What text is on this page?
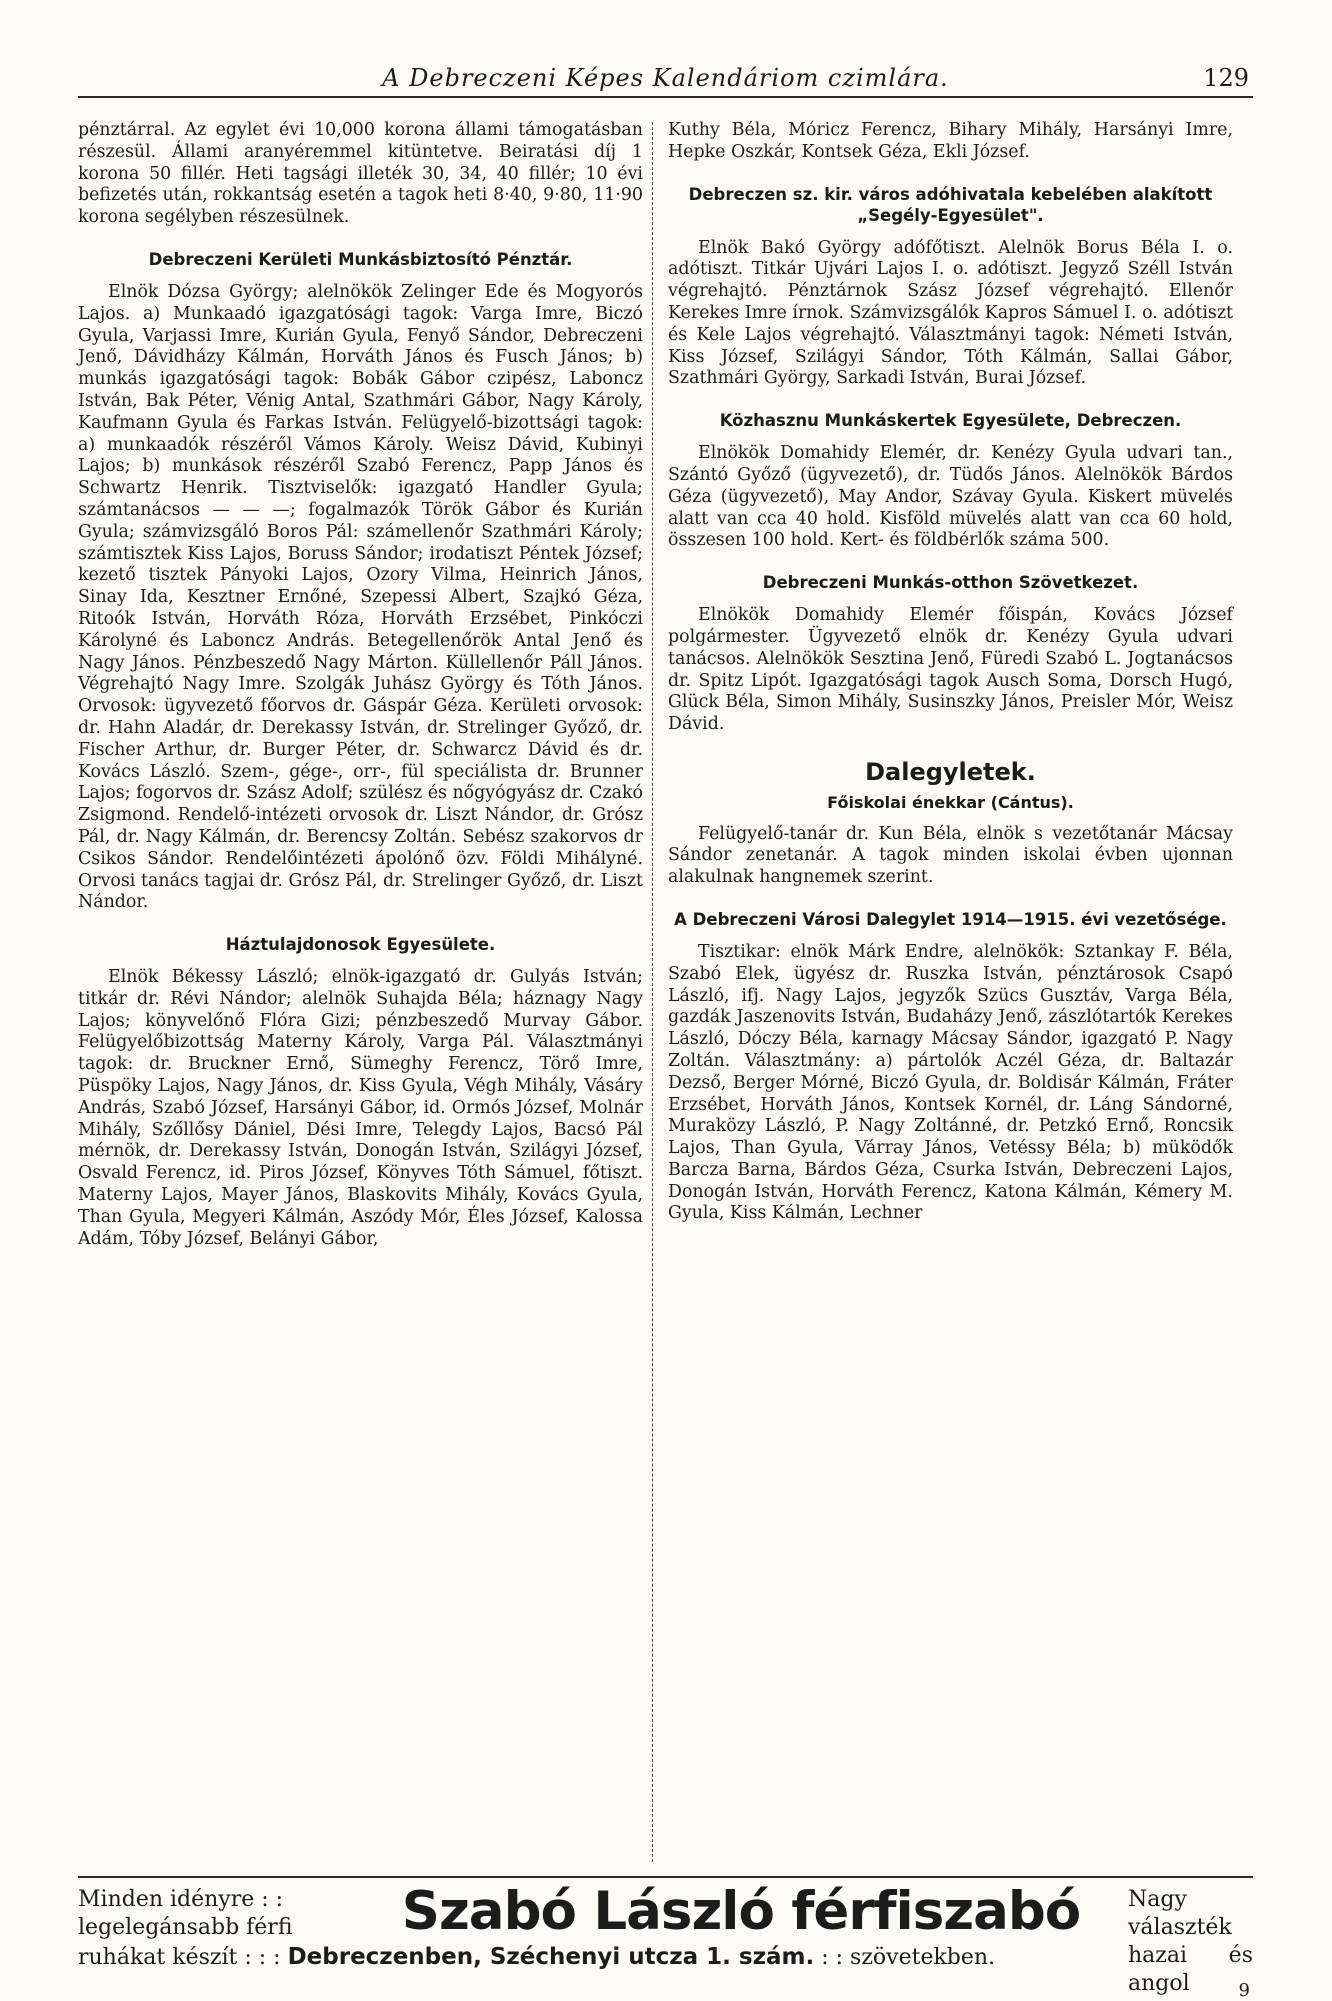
A Debreczeni Képes Kalendáriom czimlára.	129

pénztárral. Az egylet évi 10,000 korona állami támogatásban részesül. Állami aranyéremmel kitüntetve. Beiratási díj 1 korona 50 fillér. Heti tagsági illeték 30, 34, 40 fillér; 10 évi befizetés után, rokkantság esetén a tagok heti 8·40, 9·80, 11·90 korona segélyben részesülnek.

Debreczeni Kerületi Munkásbiztosító Pénztár.

Elnök Dózsa György; alelnökök Zelinger Ede és Mogyorós Lajos. a) Munkaadó igazgatósági tagok: Varga Imre, Biczó Gyula, Varjassi Imre, Kurián Gyula, Fenyő Sándor, Debreczeni Jenő, Dávidházy Kálmán, Horváth János és Fusch János; b) munkás igazgatósági tagok: Bobák Gábor czipész, Laboncz István, Bak Péter, Vénig Antal, Szathmári Gábor, Nagy Károly, Kaufmann Gyula és Farkas István. Felügyelő-bizottsági tagok: a) munkaadók részéről Vámos Károly. Weisz Dávid, Kubinyi Lajos; b) munkások részéről Szabó Ferencz, Papp János és Schwartz Henrik. Tisztviselők: igazgató Handler Gyula; számtanácsos — — —; fogalmazók Török Gábor és Kurián Gyula; számvizsgáló Boros Pál: számellenőr Szathmári Károly; számtisztek Kiss Lajos, Boruss Sándor; irodatiszt Péntek József; kezető tisztek Pányoki Lajos, Ozory Vilma, Heinrich János, Sinay Ida, Kesztner Ernőné, Szepessi Albert, Szajkó Géza, Ritoók István, Horváth Róza, Horváth Erzsébet, Pinkóczi Károlyné és Laboncz András. Betegellenőrök Antal Jenő és Nagy János. Pénzbeszedő Nagy Márton. Küllellenőr Páll János. Végrehajtó Nagy Imre. Szolgák Juhász György és Tóth János. Orvosok: ügyvezető főorvos dr. Gáspár Géza. Kerületi orvosok: dr. Hahn Aladár, dr. Derekassy István, dr. Strelinger Győző, dr. Fischer Arthur, dr. Burger Péter, dr. Schwarcz Dávid és dr. Kovács László. Szem-, gége-, orr-, fül speciálista dr. Brunner Lajos; fogorvos dr. Szász Adolf; szülész és nőgyógyász dr. Czakó Zsigmond. Rendelő-intézeti orvosok dr. Liszt Nándor, dr. Grósz Pál, dr. Nagy Kálmán, dr. Berencsy Zoltán. Sebész szakorvos dr Csikos Sándor. Rendelőintézeti ápolónő özv. Földi Mihályné. Orvosi tanács tagjai dr. Grósz Pál, dr. Strelinger Győző, dr. Liszt Nándor.

Háztulajdonosok Egyesülete.

Elnök Békessy László; elnök-igazgató dr. Gulyás István; titkár dr. Révi Nándor; alelnök Suhajda Béla; háznagy Nagy Lajos; könyvelőnő Flóra Gizi; pénzbeszedő Murvay Gábor. Felügyelőbizottság Materny Károly, Varga Pál. Választmányi tagok: dr. Bruckner Ernő, Sümeghy Ferencz, Törő Imre, Püspöky Lajos, Nagy János, dr. Kiss Gyula, Végh Mihály, Vásáry András, Szabó József, Harsányi Gábor, id. Ormós József, Molnár Mihály, Szőllősy Dániel, Dési Imre, Telegdy Lajos, Bacsó Pál mérnök, dr. Derekassy István, Donogán István, Szilágyi József, Osvald Ferencz, id. Piros József, Könyves Tóth Sámuel, főtiszt. Materny Lajos, Mayer János, Blaskovits Mihály, Kovács Gyula, Than Gyula, Megyeri Kálmán, Aszódy Mór, Éles József, Kalossa Adám, Tóby József, Belányi Gábor,

Kuthy Béla, Móricz Ferencz, Bihary Mihály, Harsányi Imre, Hepke Oszkár, Kontsek Géza, Ekli József.

Debreczen sz. kir. város adóhivatala kebelében alakított „Segély-Egyesület".

Elnök Bakó György adófőtiszt. Alelnök Borus Béla I. o. adótiszt. Titkár Ujvári Lajos I. o. adótiszt. Jegyző Széll István végrehajtó. Pénztárnok Szász József végrehajtó. Ellenőr Kerekes Imre írnok. Számvizsgálók Kapros Sámuel I. o. adótiszt és Kele Lajos végrehajtó. Választmányi tagok: Németi István, Kiss József, Szilágyi Sándor, Tóth Kálmán, Sallai Gábor, Szathmári György, Sarkadi István, Burai József.

Közhasznu Munkáskertek Egyesülete, Debreczen.

Elnökök Domahidy Elemér, dr. Kenézy Gyula udvari tan., Szántó Győző (ügyvezető), dr. Tüdős János. Alelnökök Bárdos Géza (ügyvezető), May Andor, Szávay Gyula. Kiskert müvelés alatt van cca 40 hold. Kisföld müvelés alatt van cca 60 hold, összesen 100 hold. Kert- és földbérlők száma 500.

Debreczeni Munkás-otthon Szövetkezet.

Elnökök Domahidy Elemér főispán, Kovács József polgármester. Ügyvezető elnök dr. Kenézy Gyula udvari tanácsos. Alelnökök Sesztina Jenő, Füredi Szabó L. Jogtanácsos dr. Spitz Lipót. Igazgatósági tagok Ausch Soma, Dorsch Hugó, Glück Béla, Simon Mihály, Susinszky János, Preisler Mór, Weisz Dávid.

Dalegyletek.
Főiskolai énekkar (Cántus).

Felügyelő-tanár dr. Kun Béla, elnök s vezetőtanár Mácsay Sándor zenetanár. A tagok minden iskolai évben ujonnan alakulnak hangnemek szerint.

A Debreczeni Városi Dalegylet 1914—1915. évi vezetősége.

Tisztikar: elnök Márk Endre, alelnökök: Sztankay F. Béla, Szabó Elek, ügyész dr. Ruszka István, pénztárosok Csapó László, ifj. Nagy Lajos, jegyzők Szücs Gusztáv, Varga Béla, gazdák Jaszenovits István, Budaházy Jenő, zászlótartók Kerekes László, Dóczy Béla, karnagy Mácsay Sándor, igazgató P. Nagy Zoltán. Választmány: a) pártolók Aczél Géza, dr. Baltazár Dezső, Berger Mórné, Biczó Gyula, dr. Boldisár Kálmán, Fráter Erzsébet, Horváth János, Kontsek Kornél, dr. Láng Sándorné, Muraközy László, P. Nagy Zoltánné, dr. Petzkó Ernő, Roncsik Lajos, Than Gyula, Várray János, Vetéssy Béla; b) müködők Barcza Barna, Bárdos Géza, Csurka István, Debreczeni Lajos, Donogán István, Horváth Ferencz, Katona Kálmán, Kémery M. Gyula, Kiss Kálmán, Lechner

Minden idényre : : legelegánsabb férfi	Szabó László férfiszabó	Nagy választék hazai és angol
ruhákat készít : : : Debreczenben, Széchenyi utcza 1. szám. : : szövetekben.
9
